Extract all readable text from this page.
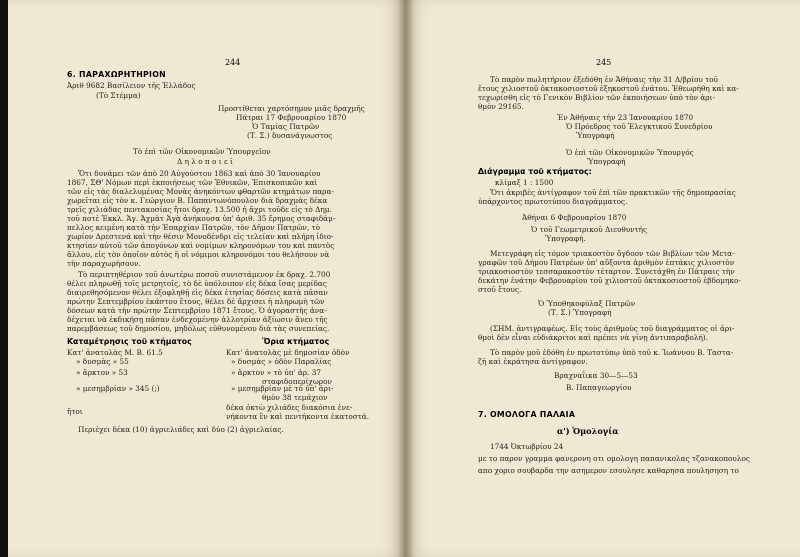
Ἀριθ 9682 Βασίλειον τῆς Ἑλλάδος
(Τὸ Στέμμα)
Προστίθεται χαρτόσημον μιᾶς δραχμῆς
Πάτραι 17 Φεβρουαρίου 1870
Ὁ Ταμίας Πατρῶν
(Τ. Σ.) δυσανάγνωστος
Τὸ ἐπὶ τῶν Οἰκονομικῶν Ὑπουργεῖον
Δ η λ ο π ο ι ε ῖ
Ὅτι δυνάμει τῶν ἀπὸ 20 Αὐγούστου 1863 καὶ ἀπὸ 30 Ἰανουαρίου
1867, ΣΘ' Νόμων περὶ ἐκποιήσεως τῶν Ἐθνικῶν, Ἐπισκοπικῶν καὶ
τῶν εἰς τὰς διαλελυμένας Μονὰς ἀνηκόντων φθαρτῶν κτημάτων παρα-
χωρεῖται εἰς τὸν κ. Γεώργιον Β. Παπαντωνόπουλον διὰ δραχμὰς δέκα
τρεῖς χιλιάδας πεντακοσίας ἤτοι δραχ. 13.500 ἡ ἄχρι τοῦδε εἰς τὸ Δημ.
τοῦ ποτὲ Ἐκκλ. Ἀγ. Ἀχμὰτ Ἁγὰ ἀνήκουσα ὑπ' ἀριθ. 35 ἔρημος σταφιδάμ-
πελλος κειμένη κατὰ τὴν Ἐπαρχίαν Πατρῶν, τὸν Δῆμον Πατρῶν, τὸ
χωρίον Δρεστενά καὶ τὴν θέσιν Μονοδένδρι εἰς τελείαν καὶ πλήρη ἰδιο-
κτησίαν αὐτοῦ τῶν ἀπογόνων καὶ νομίμων κληρονόμων του καὶ παντὸς
ἄλλου, εἰς τὸν ὁποῖον αὐτὸς ἢ οἱ νόμιμοι κληρονόμοι του θελήσουν νὰ
τὴν παραχωρήσουν.
Τὸ περιπτηθέριον τοῦ ἀνωτέρω ποσοῦ συνιστάμενον ἐκ δραχ. 2.700
θέλει πληρωθῇ τοῖς μετρητοῖς, τὸ δὲ ὑπόλοιπον εἰς δέκα ἴσας μερίδας
διαιρεθησόμενον θέλει ἐξοφληθῇ εἰς δέκα ἐτησίας δόσεις κατὰ πᾶσαν
πρώτην Σεπτεμβρίου ἑκάστου ἔτους, θέλει δὲ ἄρχισει ἡ πληρωμὴ τῶν
δόσεων κατὰ τὴν πρώτην Σεπτεμβρίου 1871 ἔτους. Ὁ ἀγοραστὴς ἀνα-
δέχεται νὰ ἐκδικήσῃ πᾶσαν ἐνδεχομένην ἀλλοτρίαν ἀξίωσιν ἄνευ τῆς
παρεμβάσεως τοῦ δημοσίου, μηδόλως εὐθυνομένου διὰ τὰς συνεπείας.
Κατ' ἀνατολὰς Μ. Β. 61.5
» δυσμὰς » 55
» ἄρκτον » 53
» μεσημβρίαν » 345 (;)
ἤτοι
Κατ' ἀνατολὰς μὲ δημοσίαν ὁδὸν
» δυσμὰς » ὁδὸν Παραλίας
» ἄρκτον » τὸ ὑπ' ἀρ. 37
σταφιδοπερίχωρον
» μεσημβρίαν μὲ τὸ ὑπ' ἀρι-
θμὸν 38 τεμάχιον
δέκα ὀκτὼ χιλιάδες διακόσια ἑνε-
νήκοντα ἓν καὶ πεντήκοντα ἑκατοστά.
Περιέχει δέκα (10) ἀγριελιάδες καὶ δύο (2) ἀγριελαίας.
Τὸ παρὸν πωλητήριον ἐξεδόθη ἐν Ἀθήναις τὴν 31 Δ/βρίου τοῦ
ἔτους χιλιοστοῦ ὀκτακοσιοστοῦ ἑξηκοστοῦ ἐνάτου. Ἐθεωρήθη καὶ κα-
τεχωρίσθη εἰς τὸ Γενικὸν Βιβλίον τῶν ἐκποιήσεων ὑπὸ τὸν ἀρι-
θμὸν 29165.
Ἐν Ἀθήναις τὴν 23 Ἰανουαρίου 1870
Ὁ Πρόεδρος τοῦ Ἐλεγκτικοῦ Συνεδρίου
Ὑπογραφή
Ὁ ἐπὶ τῶν Οἰκονομικῶν Ὑπουργός
Ὑπογραφή
κλίμαξ 1 : 1500
Ὅτι ἀκριβὲς ἀντίγραφον τοῦ ἐπὶ τῶν πρακτικῶν τῆς δημοπρασίας
ὑπάρχοντος πρωτοτύπου διαγράμματος.
Ἀθήναι 6 Φεβρουαρίου 1870
Ὁ τοῦ Γεωμετρικοῦ Διευθυντής
Ὑπογραφή.
Μετεγράφη εἰς τόμον τριακοστὸν ὄγδοον τῶν Βιβλίων τῶν Μετα-
γραφῶν τοῦ Δήμου Πατρέων ὑπ' αὔξοντα ἀριθμὸν ἑπτάκις χιλιοστὸν
τριακοσιοστὸν τεσσαρακοστὸν τέταρτον. Συνετάχθη ἐν Πάτραις τὴν
δεκάτην ἐνάτην Φεβρουαρίου τοῦ χιλιοστοῦ ὀκτακοσιοστοῦ ἑβδομηκο-
στοῦ ἔτους.
Ὁ Ὑποθηκοφύλαξ Πατρῶν
(Τ. Σ.) Ὑπογραφή
(ΣΗΜ. ἀντιγραφέως. Εἰς τοὺς ἀριθμοὺς τοῦ διαγράμματος οἱ ἀρι-
θμοὶ δὲν εἶναι εὐδιάκριτοι καὶ πρέπει νὰ γίνῃ ἀντιπαραβολή).
Τὸ παρὸν μοῦ ἐδόθη ἐν πρωτοτύπῳ ὑπὸ τοῦ κ. Ἰωάννου Β. Ταστα-
ζῆ καὶ ἐκράτησα ἀντίγραφον.
Βραχναΐικα 30—5—53
Β. Παπαγεωργίου
1744 Ὀκτωβρίου 24
με το παρον γραμμα φανερονη οτι ομολογη παπανικολας τζανακοπουλος
απο χοριο σουβαρδα την ασημερον εσουλησε καθαρησα πουλησηση το
244
6. ΠΑΡΑΧΩΡΗΤΗΡΙΟΝ
Καταμέτρησις τοῦ κτήματος	Ὅρια κτήματος
245
Διάγραμμα τοῦ κτήματος:
7. ΟΜΟΛΟΓΑ ΠΑΛΑΙΑ
α') Ὁμολογία
